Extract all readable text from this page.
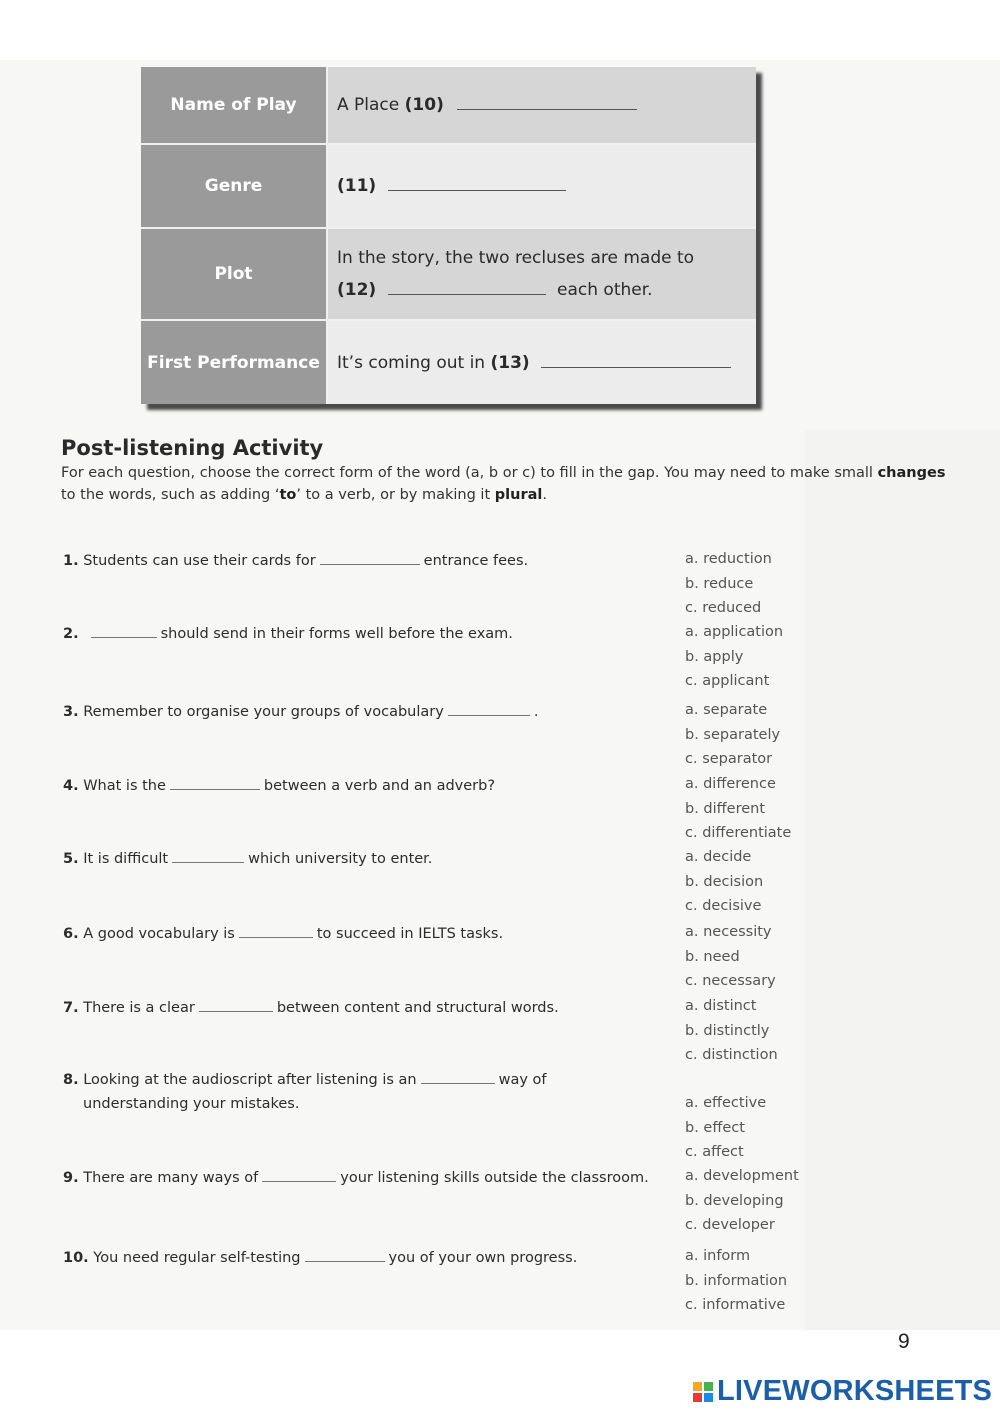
Name of Play	A Place (10)
Genre	(11)
Plot	In the story, the two recluses are made to
(12) each other.

First Performance	It’s coming out in (13)
Post-listening Activity
For each question, choose the correct form of the word (a, b or c) to fill in the gap. You may need to make small changes to the words, such as adding ‘to’ to a verb, or by making it plural.
1. Students can use their cards for	entrance fees.	a. reduction
b. reduce
c. reduced
2.	should send in their forms well before the exam.	a. application
b. apply
c. applicant
3. Remember to organise your groups of vocabulary	.	a. separate
b. separately
c. separator
4. What is the	between a verb and an adverb?	a. difference
b. different
c. differentiate
5. It is difficult	which university to enter.	a. decide
b. decision
c. decisive
6. A good vocabulary is	to succeed in IELTS tasks.	a. necessity
b. need
c. necessary
7. There is a clear	between content and structural words.	a. distinct
b. distinctly
c. distinction
8. Looking at the audioscript after listening is an	way of
understanding your mistakes.	a. effective
b. effect
c. affect
9. There are many ways of	your listening skills outside the classroom.	a. development
b. developing
c. developer
10. You need regular self-testing	you of your own progress.	a. inform
b. information
c. informative
9
LIVEWORKSHEETS
